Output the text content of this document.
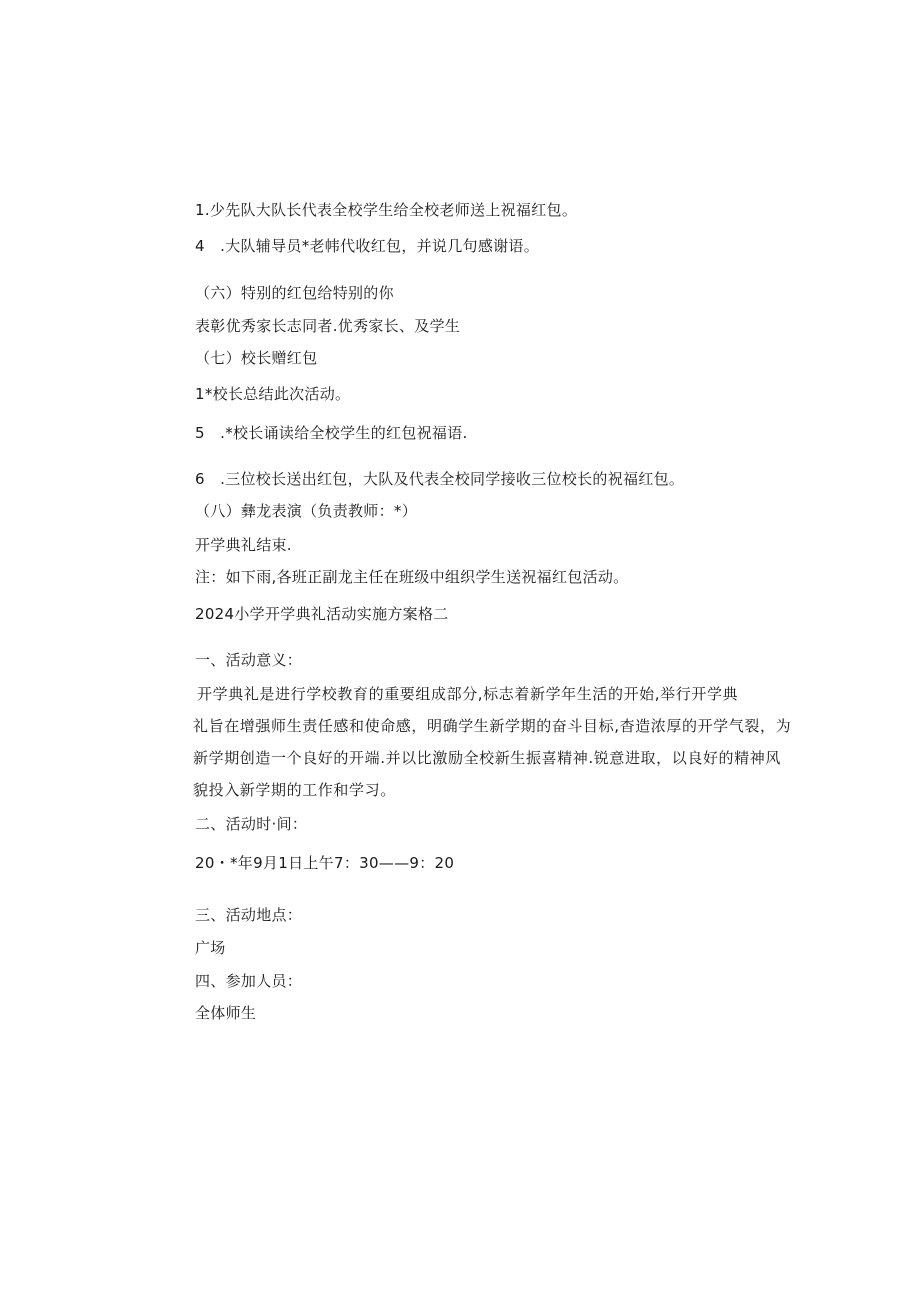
1.少先队大队长代表全校学生给全校老师送上祝福红包。
4　.大队辅导员*老帏代收红包，并说几句感谢语。
（六）特别的红包给特别的你
表彰优秀家长志同者.优秀家长、及学生
（七）校长赠红包
1*校长总结此次活动。
5　.*校长诵读给全校学生的红包祝福语.
6　.三位校长送出红包，大队及代表全校同学接收三位校长的祝福红包。
（八）彝龙表演（负责教师：*）
开学典礼结束.
注：如下雨,各班正副龙主任在班级中组织学生送祝福红包活动。
2024小学开学典礼活动实施方案格二
一、活动意义：
开学典礼是进行学校教育的重要组成部分,标志着新学年生活的开始,举行开学典
礼旨在增强师生责任感和使命感，明确学生新学期的奋斗目标,杳造浓厚的开学气裂，为
新学期创造一个良好的开端.并以比激励全校新生振喜精神.锐意进取，以良好的精神风
貌投入新学期的工作和学习。
二、活动时·间：
20・*年9月1日上午7：30——9：20
三、活动地点：
广场
四、参加人员：
全体师生
